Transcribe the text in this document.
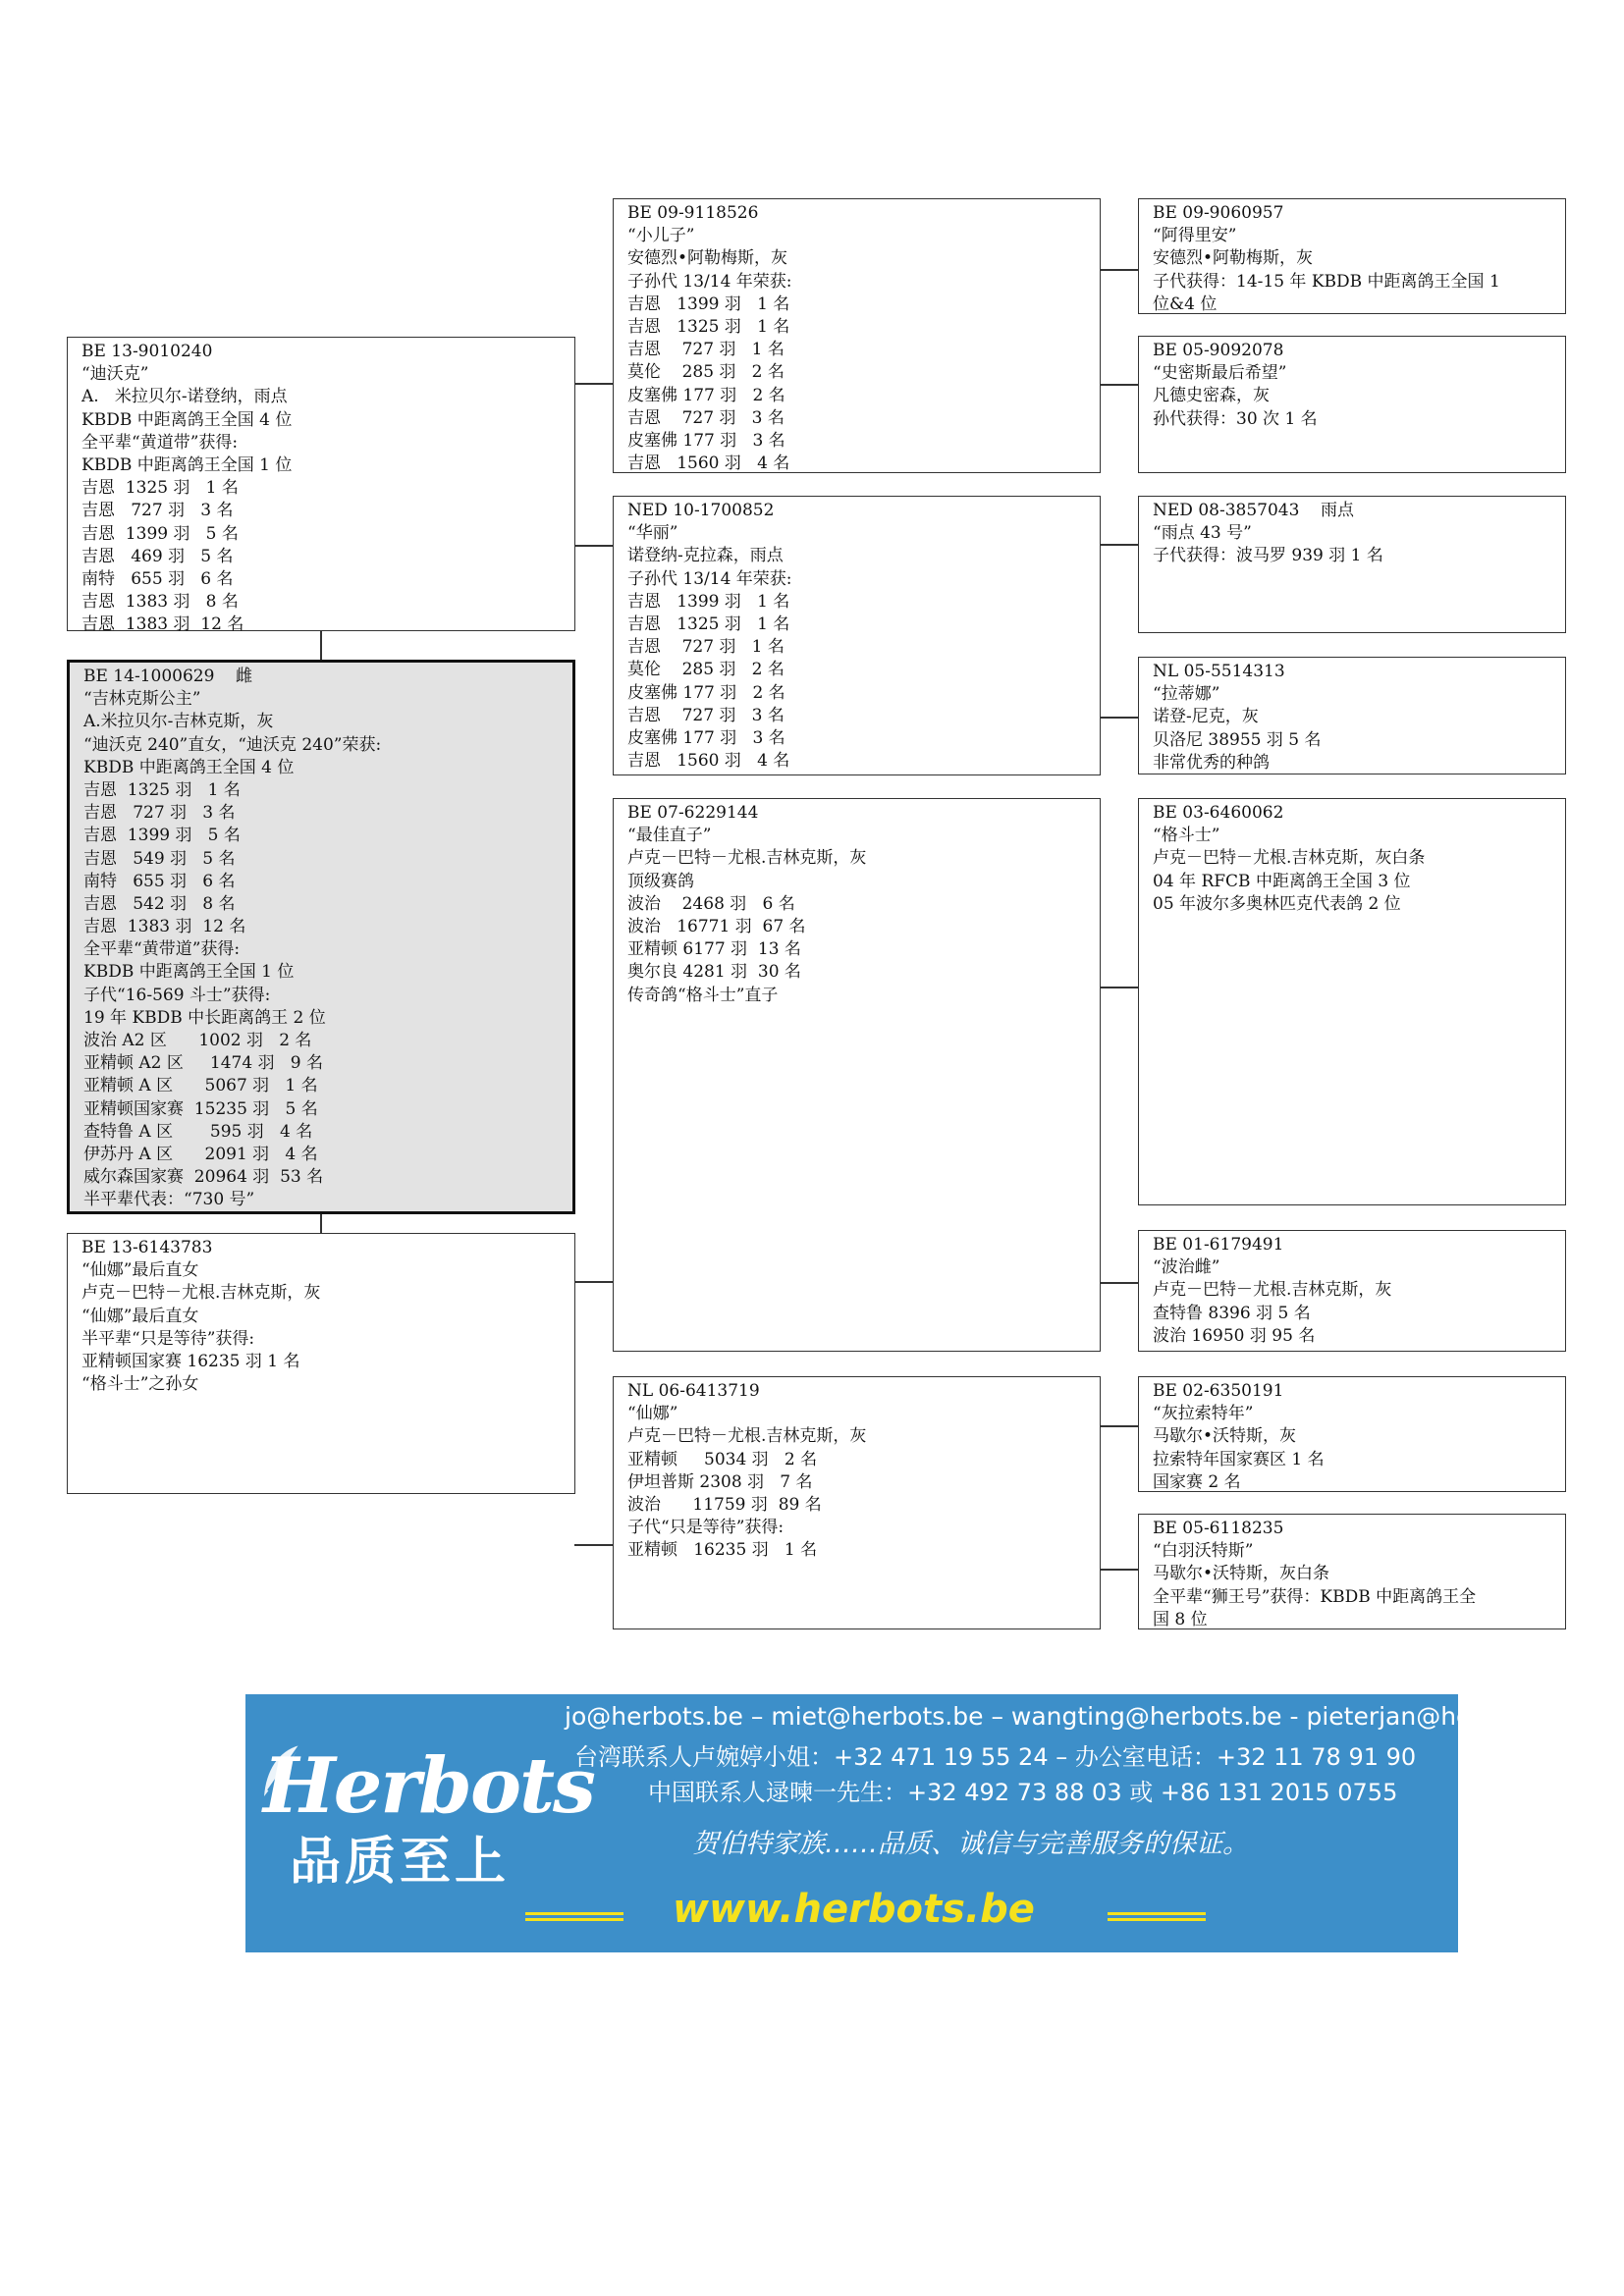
BE 13-9010240
“迪沃克”
A.   米拉贝尔-诺登纳，雨点
KBDB 中距离鸽王全国 4 位
全平辈“黄道带”获得:
KBDB 中距离鸽王全国 1 位
吉恩  1325 羽   1 名
吉恩   727 羽   3 名
吉恩  1399 羽   5 名
吉恩   469 羽   5 名
南特   655 羽   6 名
吉恩  1383 羽   8 名
吉恩  1383 羽  12 名
BE 14-1000629    雌
“吉林克斯公主”
A.米拉贝尔-吉林克斯，灰
“迪沃克 240”直女，“迪沃克 240”荣获:
KBDB 中距离鸽王全国 4 位
吉恩  1325 羽   1 名
吉恩   727 羽   3 名
吉恩  1399 羽   5 名
吉恩   549 羽   5 名
南特   655 羽   6 名
吉恩   542 羽   8 名
吉恩  1383 羽  12 名
全平辈“黄带道”获得:
KBDB 中距离鸽王全国 1 位
子代“16-569 斗士”获得:
19 年 KBDB 中长距离鸽王 2 位
波治 A2 区      1002 羽   2 名
亚精顿 A2 区     1474 羽   9 名
亚精顿 A 区      5067 羽   1 名
亚精顿国家赛  15235 羽   5 名
查特鲁 A 区       595 羽   4 名
伊苏丹 A 区      2091 羽   4 名
威尔森国家赛  20964 羽  53 名
半平辈代表：“730 号”
BE 13-6143783
“仙娜”最后直女
卢克－巴特－尤根.吉林克斯，灰
“仙娜”最后直女
半平辈“只是等待”获得:
亚精顿国家赛 16235 羽 1 名
“格斗士”之孙女
BE 09-9118526
“小儿子”
安德烈•阿勒梅斯，灰
子孙代 13/14 年荣获:
吉恩   1399 羽   1 名
吉恩   1325 羽   1 名
吉恩    727 羽   1 名
莫伦    285 羽   2 名
皮塞佛 177 羽   2 名
吉恩    727 羽   3 名
皮塞佛 177 羽   3 名
吉恩   1560 羽   4 名
NED 10-1700852
“华丽”
诺登纳-克拉森，雨点
子孙代 13/14 年荣获:
吉恩   1399 羽   1 名
吉恩   1325 羽   1 名
吉恩    727 羽   1 名
莫伦    285 羽   2 名
皮塞佛 177 羽   2 名
吉恩    727 羽   3 名
皮塞佛 177 羽   3 名
吉恩   1560 羽   4 名
BE 07-6229144
“最佳直子”
卢克－巴特－尤根.吉林克斯，灰
顶级赛鸽
波治    2468 羽   6 名
波治   16771 羽  67 名
亚精顿 6177 羽  13 名
奥尔良 4281 羽  30 名
传奇鸽“格斗士”直子
NL 06-6413719
“仙娜”
卢克－巴特－尤根.吉林克斯，灰
亚精顿     5034 羽   2 名
伊坦普斯 2308 羽   7 名
波治      11759 羽  89 名
子代“只是等待”获得:
亚精顿   16235 羽   1 名
BE 09-9060957
“阿得里安”
安德烈•阿勒梅斯，灰
子代获得：14-15 年 KBDB 中距离鸽王全国 1
位&4 位
BE 05-9092078
“史密斯最后希望”
凡德史密森，灰
孙代获得：30 次 1 名
NED 08-3857043    雨点
“雨点 43 号”
子代获得：波马罗 939 羽 1 名
NL 05-5514313
“拉蒂娜”
诺登-尼克，灰
贝洛尼 38955 羽 5 名
非常优秀的种鸽
BE 03-6460062
“格斗士”
卢克－巴特－尤根.吉林克斯，灰白条
04 年 RFCB 中距离鸽王全国 3 位
05 年波尔多奥林匹克代表鸽 2 位
BE 01-6179491
“波治雌”
卢克－巴特－尤根.吉林克斯，灰
查特鲁 8396 羽 5 名
波治 16950 羽 95 名
BE 02-6350191
“灰拉索特年”
马歇尔•沃特斯，灰
拉索特年国家赛区 1 名
国家赛 2 名
BE 05-6118235
“白羽沃特斯”
马歇尔•沃特斯，灰白条
全平辈“狮王号”获得：KBDB 中距离鸽王全
国 8 位
Herbots
品质至上
jo@herbots.be – miet@herbots.be – wangting@herbots.be - pieterjan@herbots.be
台湾联系人卢婉婷小姐：+32 471 19 55 24 – 办公室电话：+32 11 78 91 90
中国联系人逯暕一先生：+32 492 73 88 03 或 +86 131 2015 0755
贺伯特家族……品质、诚信与完善服务的保证。
www.herbots.be
